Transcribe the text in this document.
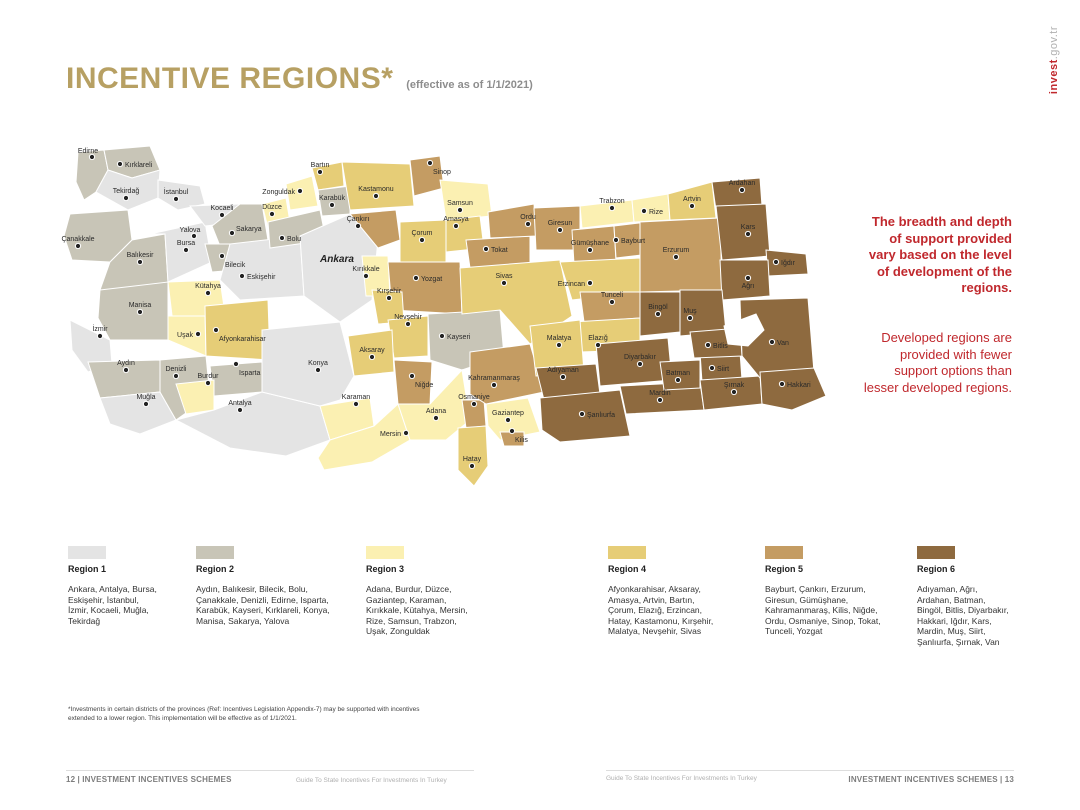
INCENTIVE REGIONS* (effective as of 1/1/2021)	invest.gov.tr
The breadth and depth of support provided vary based on the level of development of the regions.
Developed regions are provided with fewer support options than lesser developed regions.
Ankara
Edirne
Kırklareli
Tekirdağ	İstanbul
Kocaeli
Yalova	Sakarya
Düzce
Bolu
Zonguldak
Bartın
Karabük
Kastamonu
Sinop
Samsun
Çanakkale
Balıkesir
Bursa
Bilecik
Eskişehir
Kütahya
Manisa
İzmir
Uşak
Afyonkarahisar
Aydın
Denizli
Isparta
Burdur
Muğla
Antalya
Konya
Karaman
Mersin
Adana
Osmaniye
Gaziantep
Kilis
Hatay
Kahramanmaraş
Aksaray
Niğde
Nevşehir
Kırşehir
Kırıkkale
Kayseri
Yozgat
Çankırı
Çorum
Amasya
Tokat
Sivas
Ordu
Giresun
Trabzon
Rize
Artvin
Gümüşhane Bayburt
Erzincan
Erzurum
Ardahan
Kars
Iğdır
Ağrı
Tunceli
Bingöl
Muş
Malatya Elazığ
Adıyaman
Diyarbakır
Bitlis	Van
Siirt
Batman
Mardin
Şırnak	Hakkari
Şanlıurfa
Region 1
Ankara, Antalya, Bursa,
Eskişehir, İstanbul,
İzmir, Kocaeli, Muğla,
Tekirdağ
Region 2
Aydın, Balıkesir, Bilecik, Bolu,
Çanakkale, Denizli, Edirne, Isparta,
Karabük, Kayseri, Kırklareli, Konya,
Manisa, Sakarya, Yalova
Region 3
Adana, Burdur, Düzce,
Gaziantep, Karaman,
Kırıkkale, Kütahya, Mersin,
Rize, Samsun, Trabzon,
Uşak, Zonguldak
Region 4
Afyonkarahisar, Aksaray,
Amasya, Artvin, Bartın,
Çorum, Elazığ, Erzincan,
Hatay, Kastamonu, Kırşehir,
Malatya, Nevşehir, Sivas
Region 5
Bayburt, Çankırı, Erzurum,
Giresun, Gümüşhane,
Kahramanmaraş, Kilis, Niğde,
Ordu, Osmaniye, Sinop, Tokat,
Tunceli, Yozgat
Region 6
Adıyaman, Ağrı,
Ardahan, Batman,
Bingöl, Bitlis, Diyarbakır,
Hakkari, Iğdır, Kars,
Mardin, Muş, Siirt,
Şanlıurfa, Şırnak, Van
*Investments in certain districts of the provinces (Ref: Incentives Legislation Appendix-7) may be supported with incentives extended to a lower region. This implementation will be effective as of 1/1/2021.
12 | INVESTMENT INCENTIVES SCHEMES	Guide To State Incentives For Investments In Turkey	Guide To State Incentives For Investments In Turkey	INVESTMENT INCENTIVES SCHEMES | 13
